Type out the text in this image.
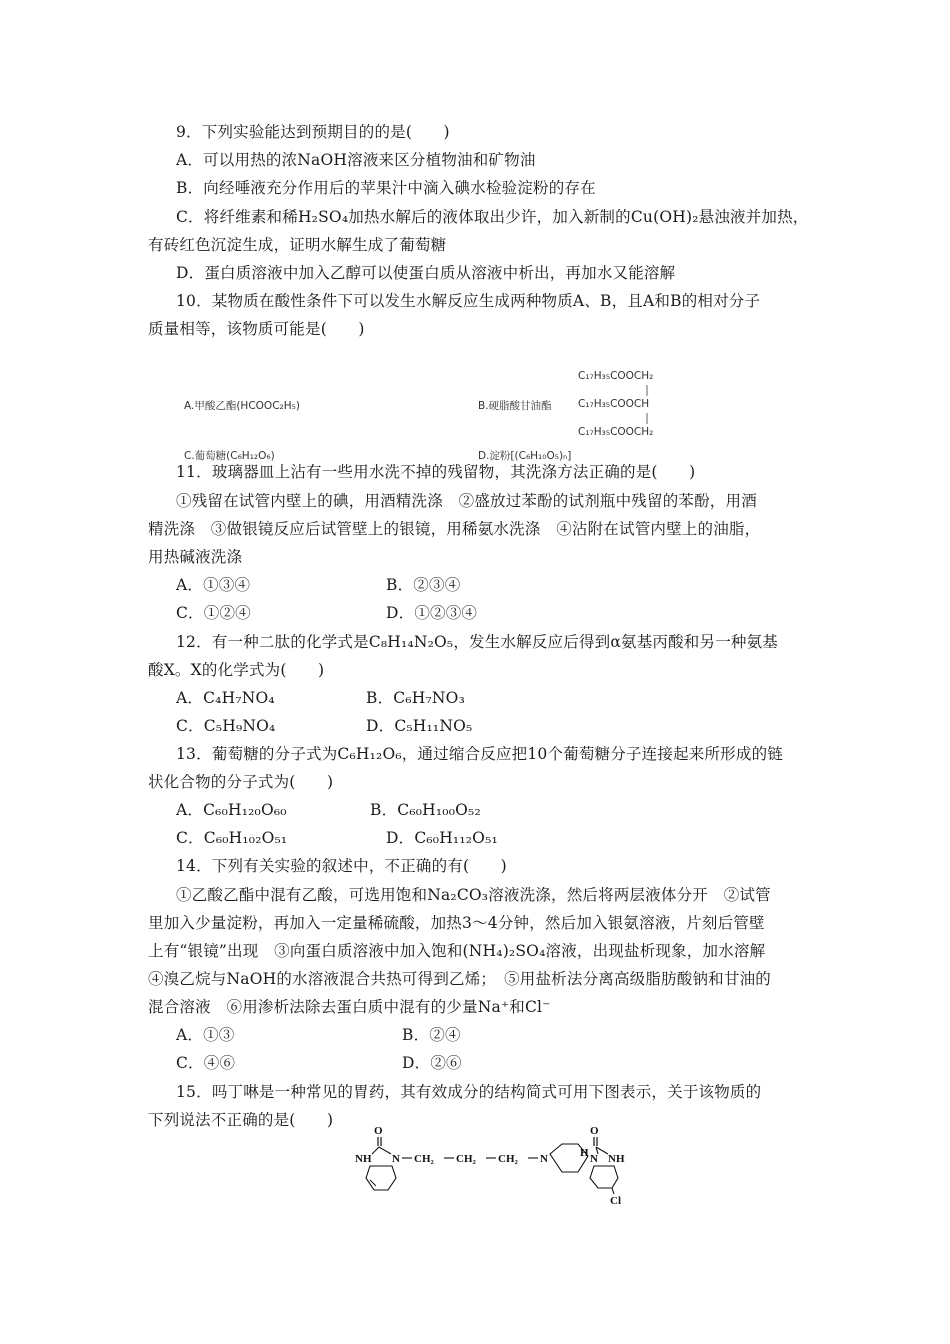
9．下列实验能达到预期目的的是(　　)
A．可以用热的浓NaOH溶液来区分植物油和矿物油
B．向经唾液充分作用后的苹果汁中滴入碘水检验淀粉的存在
C．将纤维素和稀H₂SO₄加热水解后的液体取出少许，加入新制的Cu(OH)₂悬浊液并加热，
有砖红色沉淀生成，证明水解生成了葡萄糖
D．蛋白质溶液中加入乙醇可以使蛋白质从溶液中析出，再加水又能溶解
10．某物质在酸性条件下可以发生水解反应生成两种物质A、B，且A和B的相对分子
质量相等，该物质可能是(　　)
A.甲酸乙酯(HCOOC₂H₅)	B.硬脂酸甘油酯
C₁₇H₃₅COOCH₂
C₁₇H₃₅COOCH
C₁₇H₃₅COOCH₂
C.葡萄糖(C₆H₁₂O₆)	D.淀粉[(C₆H₁₀O₅)ₙ]
11．玻璃器皿上沾有一些用水洗不掉的残留物，其洗涤方法正确的是(　　)
①残留在试管内壁上的碘，用酒精洗涤　②盛放过苯酚的试剂瓶中残留的苯酚，用酒
精洗涤　③做银镜反应后试管壁上的银镜，用稀氨水洗涤　④沾附在试管内壁上的油脂，
用热碱液洗涤
A．①③④	B．②③④
C．①②④	D．①②③④
12．有一种二肽的化学式是C₈H₁₄N₂O₅，发生水解反应后得到α氨基丙酸和另一种氨基
酸X。X的化学式为(　　)
A．C₄H₇NO₄	B．C₆H₇NO₃
C．C₅H₉NO₄	D．C₅H₁₁NO₅
13．葡萄糖的分子式为C₆H₁₂O₆，通过缩合反应把10个葡萄糖分子连接起来所形成的链
状化合物的分子式为(　　)
A．C₆₀H₁₂₀O₆₀	B．C₆₀H₁₀₀O₅₂
C．C₆₀H₁₀₂O₅₁	D．C₆₀H₁₁₂O₅₁
14．下列有关实验的叙述中，不正确的有(　　)
①乙酸乙酯中混有乙酸，可选用饱和Na₂CO₃溶液洗涤，然后将两层液体分开　②试管
里加入少量淀粉，再加入一定量稀硫酸，加热3～4分钟，然后加入银氨溶液，片刻后管壁
上有“银镜”出现　③向蛋白质溶液中加入饱和(NH₄)₂SO₄溶液，出现盐析现象，加水溶解
④溴乙烷与NaOH的水溶液混合共热可得到乙烯；　⑤用盐析法分离高级脂肪酸钠和甘油的
混合溶液　⑥用渗析法除去蛋白质中混有的少量Na⁺和Cl⁻
A．①③	B．②④
C．④⑥	D．②⑥
15．吗丁啉是一种常见的胃药，其有效成分的结构简式可用下图表示，关于该物质的
下列说法不正确的是(　　)
O
NH N CH₂ CH₂ CH₂ N	H N
O
NH
Cl
